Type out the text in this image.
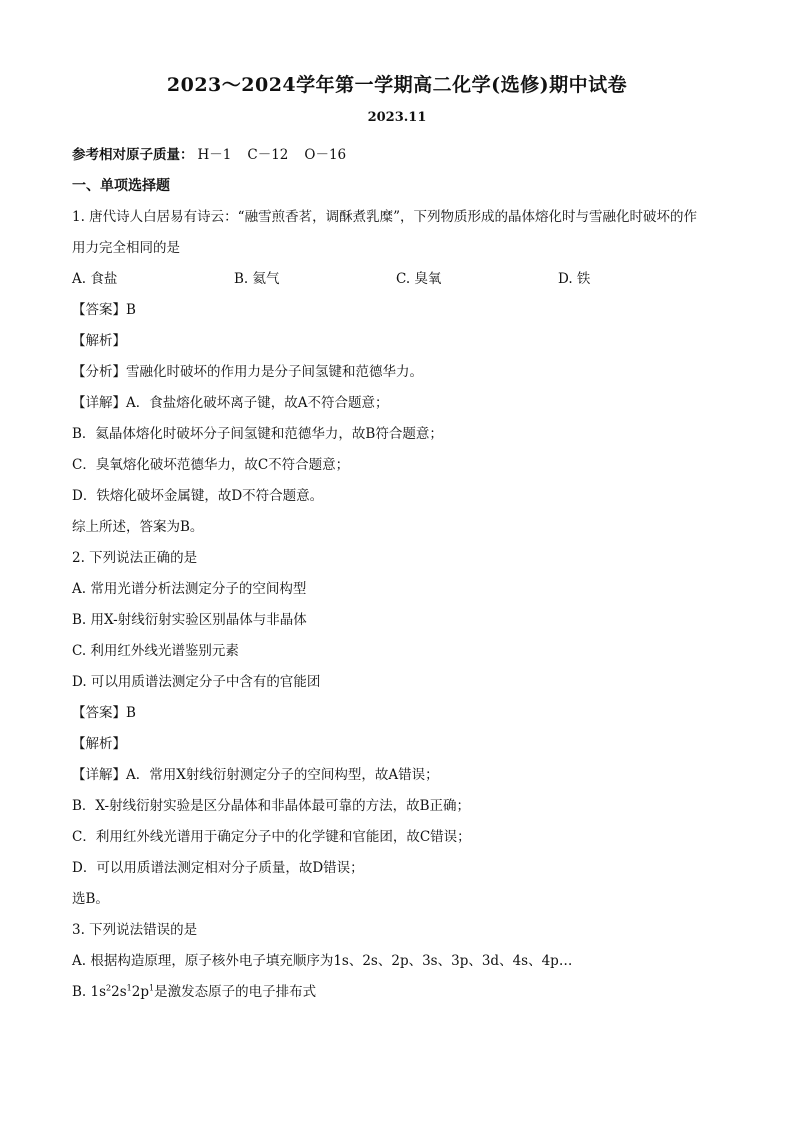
2023～2024学年第一学期高二化学(选修)期中试卷
2023.11
参考相对原子质量： H－1 C－12 O－16
一、单项选择题
1. 唐代诗人白居易有诗云：“融雪煎香茗，调酥煮乳糜”，下列物质形成的晶体熔化时与雪融化时破坏的作
用力完全相同的是
A. 食盐	B. 氦气	C. 臭氧	D. 铁
【答案】B
【解析】
【分析】雪融化时破坏的作用力是分子间氢键和范德华力。
【详解】A．食盐熔化破坏离子键，故A不符合题意；
B．氦晶体熔化时破坏分子间氢键和范德华力，故B符合题意；
C．臭氧熔化破坏范德华力，故C不符合题意；
D．铁熔化破坏金属键，故D不符合题意。
综上所述，答案为B。
2. 下列说法正确的是
A. 常用光谱分析法测定分子的空间构型
B. 用X-射线衍射实验区别晶体与非晶体
C. 利用红外线光谱鉴别元素
D. 可以用质谱法测定分子中含有的官能团
【答案】B
【解析】
【详解】A．常用X射线衍射测定分子的空间构型，故A错误；
B．X-射线衍射实验是区分晶体和非晶体最可靠的方法，故B正确；
C．利用红外线光谱用于确定分子中的化学键和官能团，故C错误；
D．可以用质谱法测定相对分子质量，故D错误；
选B。
3. 下列说法错误的是
A. 根据构造原理，原子核外电子填充顺序为1s、2s、2p、3s、3p、3d、4s、4p…
B. $1s^22s^12p^1$是激发态原子的电子排布式
